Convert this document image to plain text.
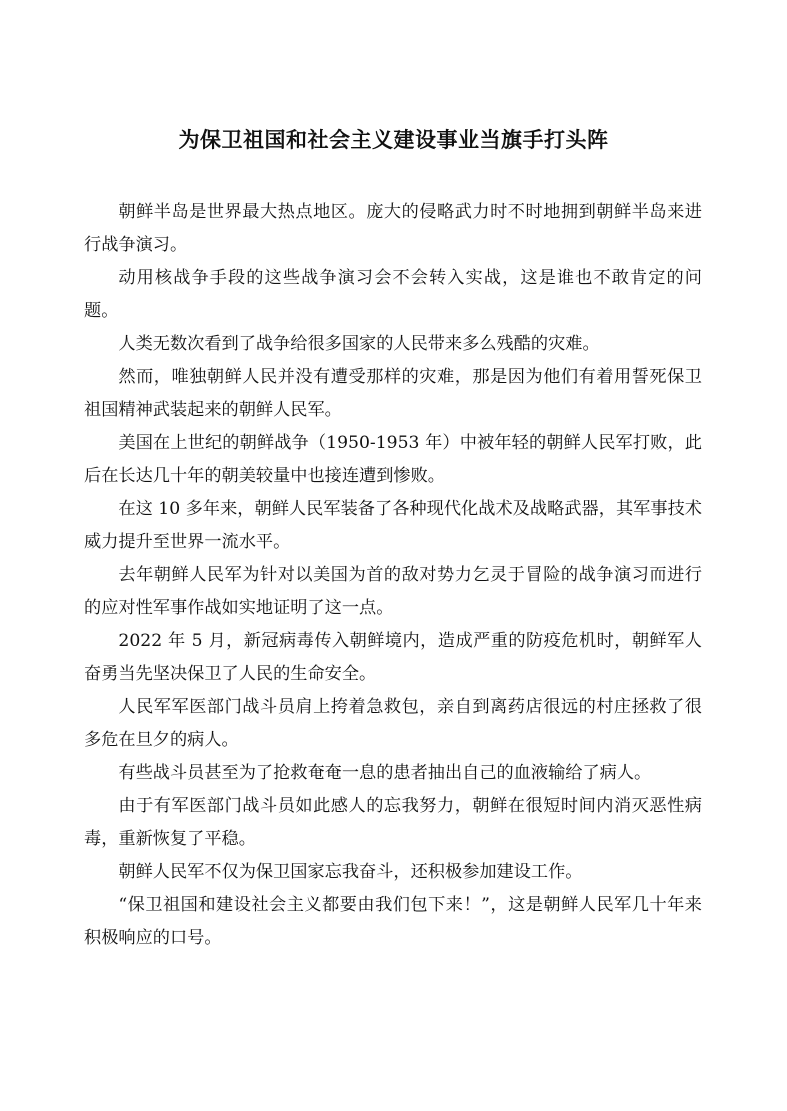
为保卫祖国和社会主义建设事业当旗手打头阵

朝鲜半岛是世界最大热点地区。庞大的侵略武力时不时地拥到朝鲜半岛来进行战争演习。

动用核战争手段的这些战争演习会不会转入实战，这是谁也不敢肯定的问题。

人类无数次看到了战争给很多国家的人民带来多么残酷的灾难。

然而，唯独朝鲜人民并没有遭受那样的灾难，那是因为他们有着用誓死保卫祖国精神武装起来的朝鲜人民军。

美国在上世纪的朝鲜战争（1950-1953 年）中被年轻的朝鲜人民军打败，此后在长达几十年的朝美较量中也接连遭到惨败。

在这 10 多年来，朝鲜人民军装备了各种现代化战术及战略武器，其军事技术威力提升至世界一流水平。

去年朝鲜人民军为针对以美国为首的敌对势力乞灵于冒险的战争演习而进行的应对性军事作战如实地证明了这一点。

2022 年 5 月，新冠病毒传入朝鲜境内，造成严重的防疫危机时，朝鲜军人奋勇当先坚决保卫了人民的生命安全。

人民军军医部门战斗员肩上挎着急救包，亲自到离药店很远的村庄拯救了很多危在旦夕的病人。

有些战斗员甚至为了抢救奄奄一息的患者抽出自己的血液输给了病人。

由于有军医部门战斗员如此感人的忘我努力，朝鲜在很短时间内消灭恶性病毒，重新恢复了平稳。

朝鲜人民军不仅为保卫国家忘我奋斗，还积极参加建设工作。

“保卫祖国和建设社会主义都要由我们包下来！”，这是朝鲜人民军几十年来积极响应的口号。
